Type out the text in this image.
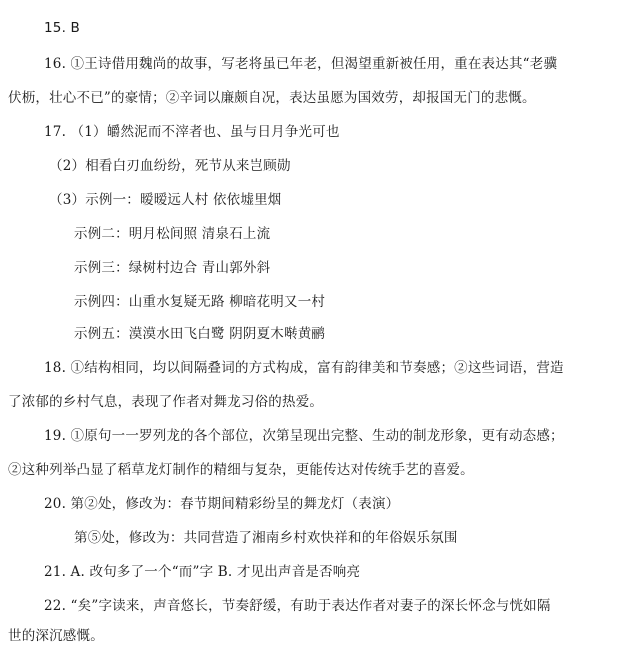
15. B
16. ①王诗借用魏尚的故事，写老将虽已年老，但渴望重新被任用，重在表达其“老骥
伏枥，壮心不已”的豪情；②辛词以廉颇自况，表达虽愿为国效劳，却报国无门的悲慨。
17. （1）皭然泥而不滓者也、虽与日月争光可也
（2）相看白刃血纷纷，死节从来岂顾勋
（3）示例一：暧暧远人村 依依墟里烟
示例二：明月松间照 清泉石上流
示例三：绿树村边合 青山郭外斜
示例四：山重水复疑无路 柳暗花明又一村
示例五：漠漠水田飞白鹭 阴阴夏木啭黄鹂
18. ①结构相同，均以间隔叠词的方式构成，富有韵律美和节奏感；②这些词语，营造
了浓郁的乡村气息，表现了作者对舞龙习俗的热爱。
19. ①原句一一罗列龙的各个部位，次第呈现出完整、生动的制龙形象，更有动态感；
②这种列举凸显了稻草龙灯制作的精细与复杂，更能传达对传统手艺的喜爱。
20. 第②处，修改为：春节期间精彩纷呈的舞龙灯（表演）
第⑤处，修改为：共同营造了湘南乡村欢快祥和的年俗娱乐氛围
21. A. 改句多了一个“而”字 B. 才见出声音是否响亮
22. “矣”字读来，声音悠长，节奏舒缓，有助于表达作者对妻子的深长怀念与恍如隔
世的深沉感慨。
